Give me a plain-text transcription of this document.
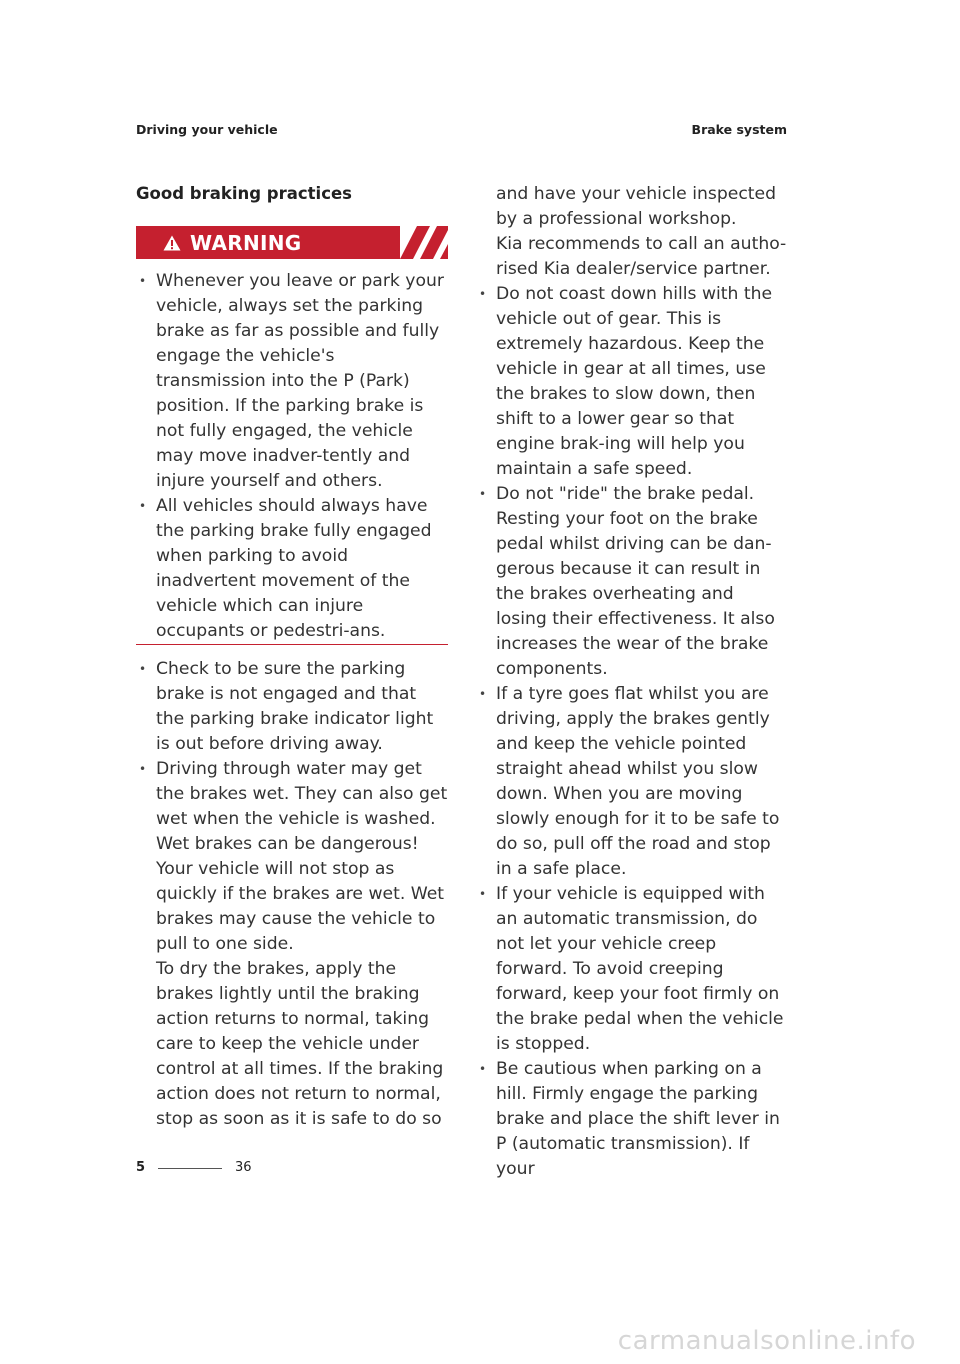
Driving your vehicle	Brake system
Good braking practices
WARNING
• Whenever you leave or park your vehicle, always set the parking brake as far as possible and fully engage the vehicle's transmission into the P (Park) position. If the parking brake is not fully engaged, the vehicle may move inadver-tently and injure yourself and others.
• All vehicles should always have the parking brake fully engaged when parking to avoid inadvertent movement of the vehicle which can injure occupants or pedestri-ans.
• Check to be sure the parking brake is not engaged and that the parking brake indicator light is out before driving away.
• Driving through water may get the brakes wet. They can also get wet when the vehicle is washed. Wet brakes can be dangerous! Your vehicle will not stop as quickly if the brakes are wet. Wet brakes may cause the vehicle to pull to one side.
To dry the brakes, apply the brakes lightly until the braking action returns to normal, taking care to keep the vehicle under control at all times. If the braking action does not return to normal, stop as soon as it is safe to do so
and have your vehicle inspected by a professional workshop.
Kia recommends to call an autho-rised Kia dealer/service partner.
• Do not coast down hills with the vehicle out of gear. This is extremely hazardous. Keep the vehicle in gear at all times, use the brakes to slow down, then shift to a lower gear so that engine brak-ing will help you maintain a safe speed.
• Do not "ride" the brake pedal. Resting your foot on the brake pedal whilst driving can be dan-gerous because it can result in the brakes overheating and losing their effectiveness. It also increases the wear of the brake components.
• If a tyre goes flat whilst you are driving, apply the brakes gently and keep the vehicle pointed straight ahead whilst you slow down. When you are moving slowly enough for it to be safe to do so, pull off the road and stop in a safe place.
• If your vehicle is equipped with an automatic transmission, do not let your vehicle creep forward. To avoid creeping forward, keep your foot firmly on the brake pedal when the vehicle is stopped.
• Be cautious when parking on a hill. Firmly engage the parking brake and place the shift lever in P (automatic transmission). If your
5	36
carmanualsonline.info
